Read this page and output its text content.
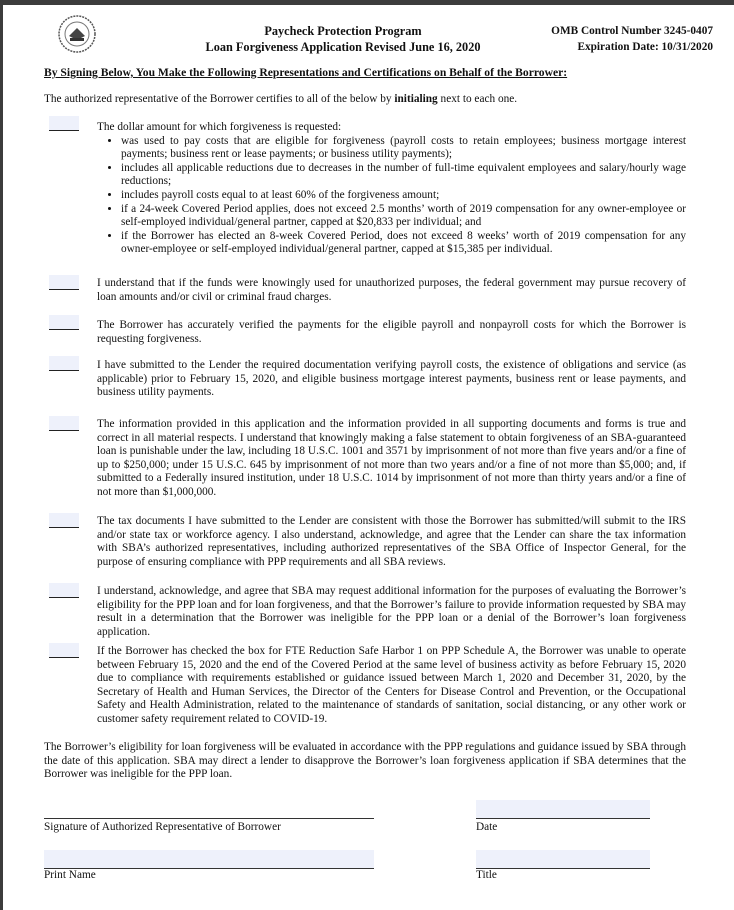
Paycheck Protection Program
Loan Forgiveness Application Revised June 16, 2020
OMB Control Number 3245-0407
Expiration Date: 10/31/2020
By Signing Below, You Make the Following Representations and Certifications on Behalf of the Borrower:
The authorized representative of the Borrower certifies to all of the below by initialing next to each one.
The dollar amount for which forgiveness is requested:
• was used to pay costs that are eligible for forgiveness (payroll costs to retain employees; business mortgage interest payments; business rent or lease payments; or business utility payments);
• includes all applicable reductions due to decreases in the number of full-time equivalent employees and salary/hourly wage reductions;
• includes payroll costs equal to at least 60% of the forgiveness amount;
• if a 24-week Covered Period applies, does not exceed 2.5 months’ worth of 2019 compensation for any owner-employee or self-employed individual/general partner, capped at $20,833 per individual; and
• if the Borrower has elected an 8-week Covered Period, does not exceed 8 weeks’ worth of 2019 compensation for any owner-employee or self-employed individual/general partner, capped at $15,385 per individual.
I understand that if the funds were knowingly used for unauthorized purposes, the federal government may pursue recovery of loan amounts and/or civil or criminal fraud charges.
The Borrower has accurately verified the payments for the eligible payroll and nonpayroll costs for which the Borrower is requesting forgiveness.
I have submitted to the Lender the required documentation verifying payroll costs, the existence of obligations and service (as applicable) prior to February 15, 2020, and eligible business mortgage interest payments, business rent or lease payments, and business utility payments.
The information provided in this application and the information provided in all supporting documents and forms is true and correct in all material respects. I understand that knowingly making a false statement to obtain forgiveness of an SBA-guaranteed loan is punishable under the law, including 18 U.S.C. 1001 and 3571 by imprisonment of not more than five years and/or a fine of up to $250,000; under 15 U.S.C. 645 by imprisonment of not more than two years and/or a fine of not more than $5,000; and, if submitted to a Federally insured institution, under 18 U.S.C. 1014 by imprisonment of not more than thirty years and/or a fine of not more than $1,000,000.
The tax documents I have submitted to the Lender are consistent with those the Borrower has submitted/will submit to the IRS and/or state tax or workforce agency. I also understand, acknowledge, and agree that the Lender can share the tax information with SBA’s authorized representatives, including authorized representatives of the SBA Office of Inspector General, for the purpose of ensuring compliance with PPP requirements and all SBA reviews.
I understand, acknowledge, and agree that SBA may request additional information for the purposes of evaluating the Borrower’s eligibility for the PPP loan and for loan forgiveness, and that the Borrower’s failure to provide information requested by SBA may result in a determination that the Borrower was ineligible for the PPP loan or a denial of the Borrower’s loan forgiveness application.
If the Borrower has checked the box for FTE Reduction Safe Harbor 1 on PPP Schedule A, the Borrower was unable to operate between February 15, 2020 and the end of the Covered Period at the same level of business activity as before February 15, 2020 due to compliance with requirements established or guidance issued between March 1, 2020 and December 31, 2020, by the Secretary of Health and Human Services, the Director of the Centers for Disease Control and Prevention, or the Occupational Safety and Health Administration, related to the maintenance of standards of sanitation, social distancing, or any other work or customer safety requirement related to COVID-19.
The Borrower’s eligibility for loan forgiveness will be evaluated in accordance with the PPP regulations and guidance issued by SBA through the date of this application. SBA may direct a lender to disapprove the Borrower’s loan forgiveness application if SBA determines that the Borrower was ineligible for the PPP loan.
Signature of Authorized Representative of Borrower	Date
Print Name	Title
